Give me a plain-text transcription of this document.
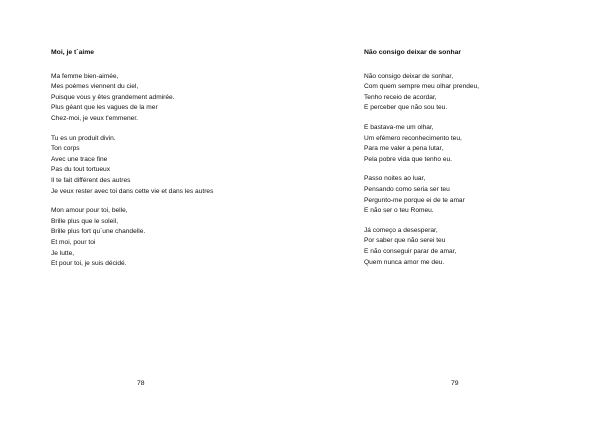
Moi, je t´aime
Ma femme bien-aimée,
Mes poèmes viennent du ciel,
Puisque vous y êtes grandement admirée.
Plus géant que les vagues de la mer
Chez-moi, je veux t'emmener.
Tu es un produit divin.
Ton corps
Avec une trace fine
Pas du tout tortueux
Il te fait différent des autres
Je veux rester avec toi dans cette vie et dans les autres
Mon amour pour toi, belle,
Brille plus que le soleil,
Brille plus fort qu´une chandelle.
Et moi, pour toi
Je lutte,
Et pour toi, je suis décidé.
78
Não consigo deixar de sonhar
Não consigo deixar de sonhar,
Com quem sempre meu olhar prendeu,
Tenho receio de acordar,
E perceber que não sou teu.
E bastava-me um olhar,
Um efémero reconhecimento teu,
Para me valer a pena lutar,
Pela pobre vida que tenho eu.
Passo noites ao luar,
Pensando como seria ser teu
Pergunto-me porque ei de te amar
E não ser o teu Romeu.
Já começo a desesperar,
Por saber que não serei teu
E não conseguir parar de amar,
Quem nunca amor me deu.
79
